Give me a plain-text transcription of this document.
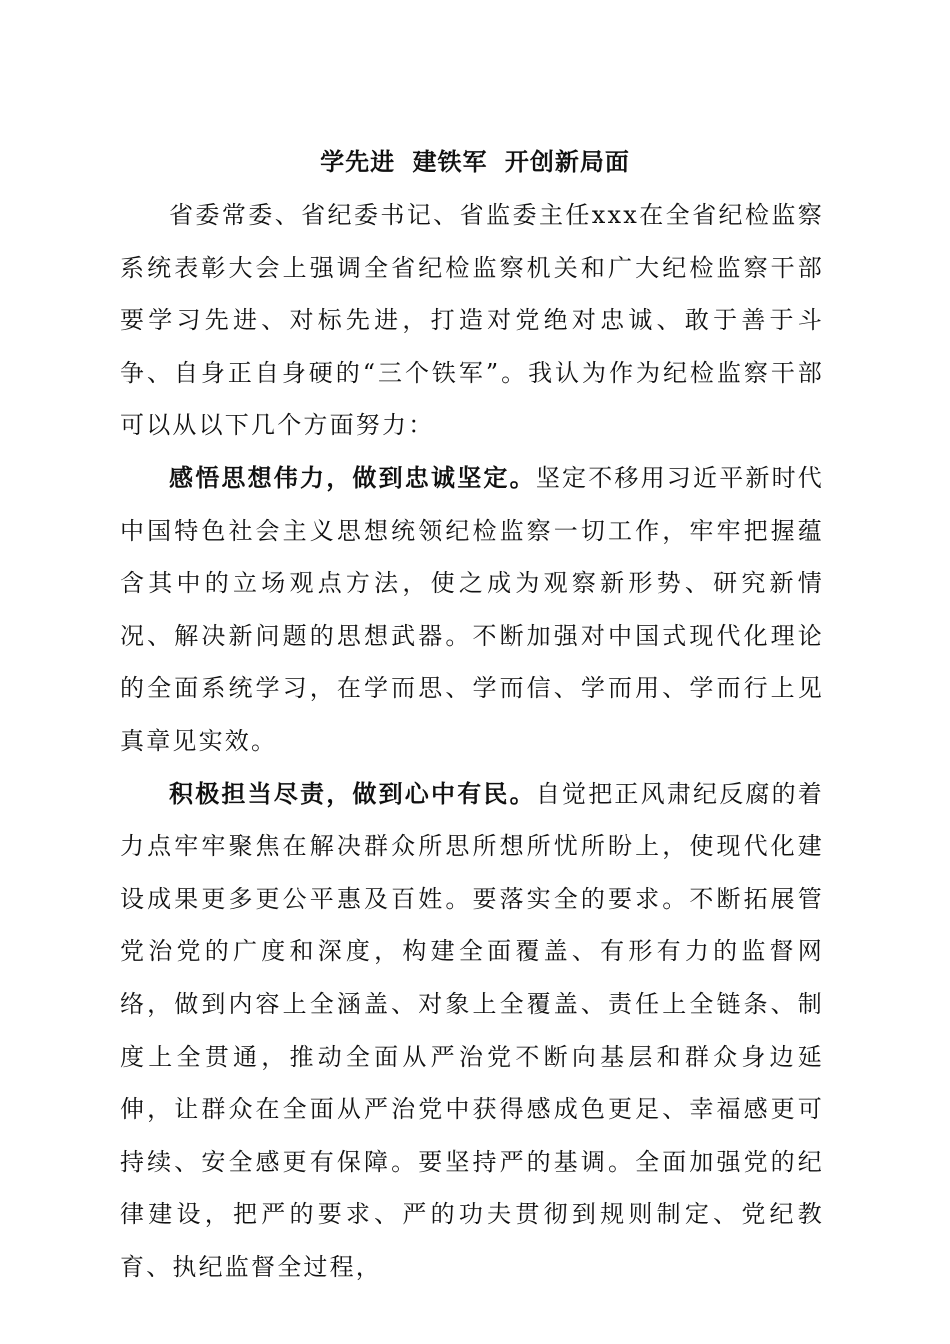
学先进 建铁军 开创新局面

省委常委、省纪委书记、省监委主任xxx在全省纪检监察系统表彰大会上强调全省纪检监察机关和广大纪检监察干部要学习先进、对标先进，打造对党绝对忠诚、敢于善于斗争、自身正自身硬的“三个铁军”。我认为作为纪检监察干部可以从以下几个方面努力：

感悟思想伟力，做到忠诚坚定。坚定不移用习近平新时代中国特色社会主义思想统领纪检监察一切工作，牢牢把握蕴含其中的立场观点方法，使之成为观察新形势、研究新情况、解决新问题的思想武器。不断加强对中国式现代化理论的全面系统学习，在学而思、学而信、学而用、学而行上见真章见实效。

积极担当尽责，做到心中有民。自觉把正风肃纪反腐的着力点牢牢聚焦在解决群众所思所想所忧所盼上，使现代化建设成果更多更公平惠及百姓。要落实全的要求。不断拓展管党治党的广度和深度，构建全面覆盖、有形有力的监督网络，做到内容上全涵盖、对象上全覆盖、责任上全链条、制度上全贯通，推动全面从严治党不断向基层和群众身边延伸，让群众在全面从严治党中获得感成色更足、幸福感更可持续、安全感更有保障。要坚持严的基调。全面加强党的纪律建设，把严的要求、严的功夫贯彻到规则制定、党纪教育、执纪监督全过程，
